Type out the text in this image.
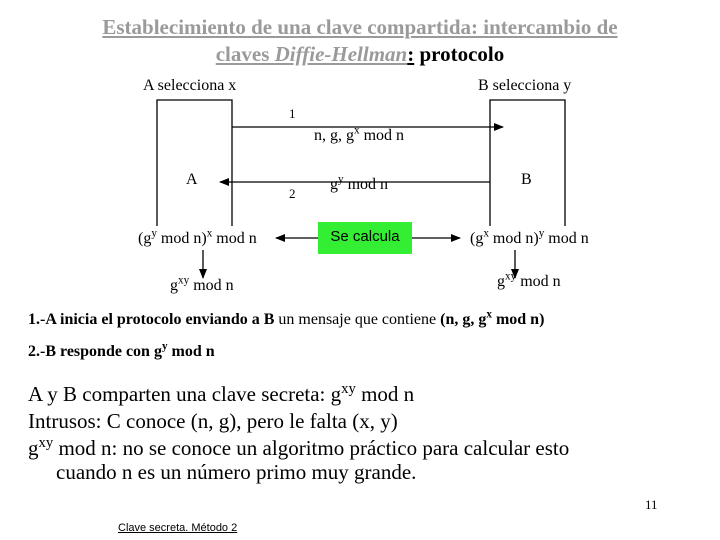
Establecimiento de una clave compartida: intercambio de
claves Diffie-Hellman: protocolo
A selecciona x	B selecciona y
1
2
A	B
n, g, $g^x$ mod n
$g^y$ mod n
Se calcula
($g^y$ mod n)$^x$ mod n	($g^x$ mod n)$^y$ mod n
$g^{xy}$ mod n	$g^{xy}$ mod n
1.-A inicia el protocolo enviando a B un mensaje que contiene (n, g, $g^x$ mod n)
2.-B responde con $g^y$ mod n
A y B comparten una clave secreta: $g^{xy}$ mod n
Intrusos: C conoce (n, g), pero le falta (x, y)
$g^{xy}$ mod n: no se conoce un algoritmo práctico para calcular esto
cuando n es un número primo muy grande.
11
Clave secreta. Método 2
